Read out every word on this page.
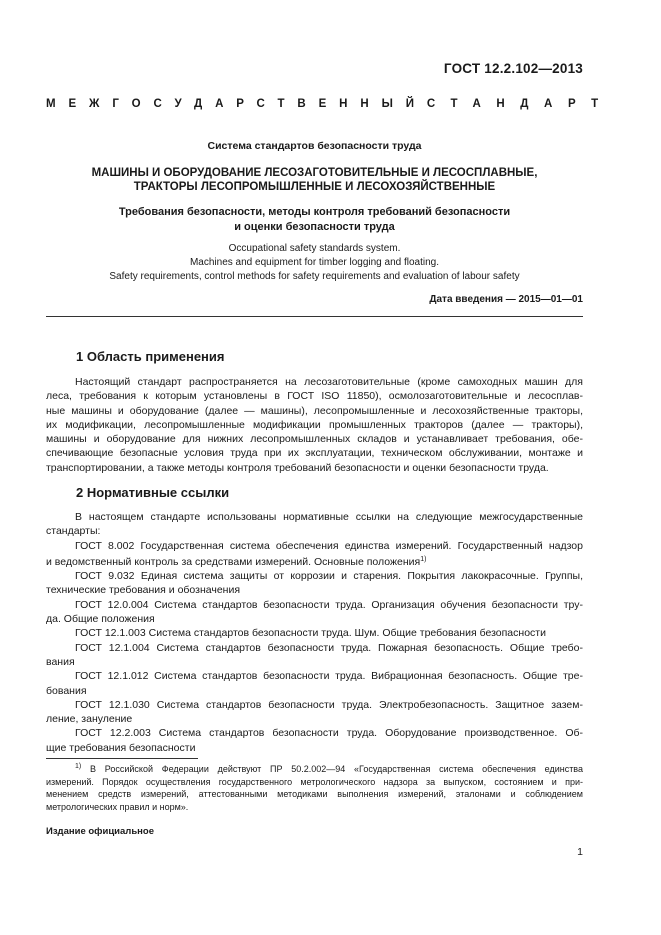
ГОСТ 12.2.102—2013
МЕЖГОСУДАРСТВЕННЫЙ СТАНДАРТ
Система стандартов безопасности труда
МАШИНЫ И ОБОРУДОВАНИЕ ЛЕСОЗАГОТОВИТЕЛЬНЫЕ И ЛЕСОСПЛАВНЫЕ,
ТРАКТОРЫ ЛЕСОПРОМЫШЛЕННЫЕ И ЛЕСОХОЗЯЙСТВЕННЫЕ
Требования безопасности, методы контроля требований безопасности
и оценки безопасности труда
Occupational safety standards system.
Machines and equipment for timber logging and floating.
Safety requirements, control methods for safety requirements and evaluation of labour safety
Дата введения — 2015—01—01
1 Область применения
Настоящий стандарт распространяется на лесозаготовительные (кроме самоходных машин для
леса, требования к которым установлены в ГОСТ ISO 11850), осмолозаготовительные и лесосплав-
ные машины и оборудование (далее — машины), лесопромышленные и лесохозяйственные тракторы,
их модификации, лесопромышленные модификации промышленных тракторов (далее — тракторы),
машины и оборудование для нижних лесопромышленных складов и устанавливает требования, обе-
спечивающие безопасные условия труда при их эксплуатации, техническом обслуживании, монтаже и
транспортировании, а также методы контроля требований безопасности и оценки безопасности труда.
2 Нормативные ссылки
В настоящем стандарте использованы нормативные ссылки на следующие межгосударственные
стандарты:
ГОСТ 8.002 Государственная система обеспечения единства измерений. Государственный надзор
и ведомственный контроль за средствами измерений. Основные положения$^{1)}$
ГОСТ 9.032 Единая система защиты от коррозии и старения. Покрытия лакокрасочные. Группы,
технические требования и обозначения
ГОСТ 12.0.004 Система стандартов безопасности труда. Организация обучения безопасности тру-
да. Общие положения
ГОСТ 12.1.003 Система стандартов безопасности труда. Шум. Общие требования безопасности
ГОСТ 12.1.004 Система стандартов безопасности труда. Пожарная безопасность. Общие требо-
вания
ГОСТ 12.1.012 Система стандартов безопасности труда. Вибрационная безопасность. Общие тре-
бования
ГОСТ 12.1.030 Система стандартов безопасности труда. Электробезопасность. Защитное зазем-
ление, зануление
ГОСТ 12.2.003 Система стандартов безопасности труда. Оборудование производственное. Об-
щие требования безопасности
$^{1)}$ В Российской Федерации действуют ПР 50.2.002—94 «Государственная система обеспечения единства
измерений. Порядок осуществления государственного метрологического надзора за выпуском, состоянием и при-
менением средств измерений, аттестованными методиками выполнения измерений, эталонами и соблюдением
метрологических правил и норм».
Издание официальное
1
